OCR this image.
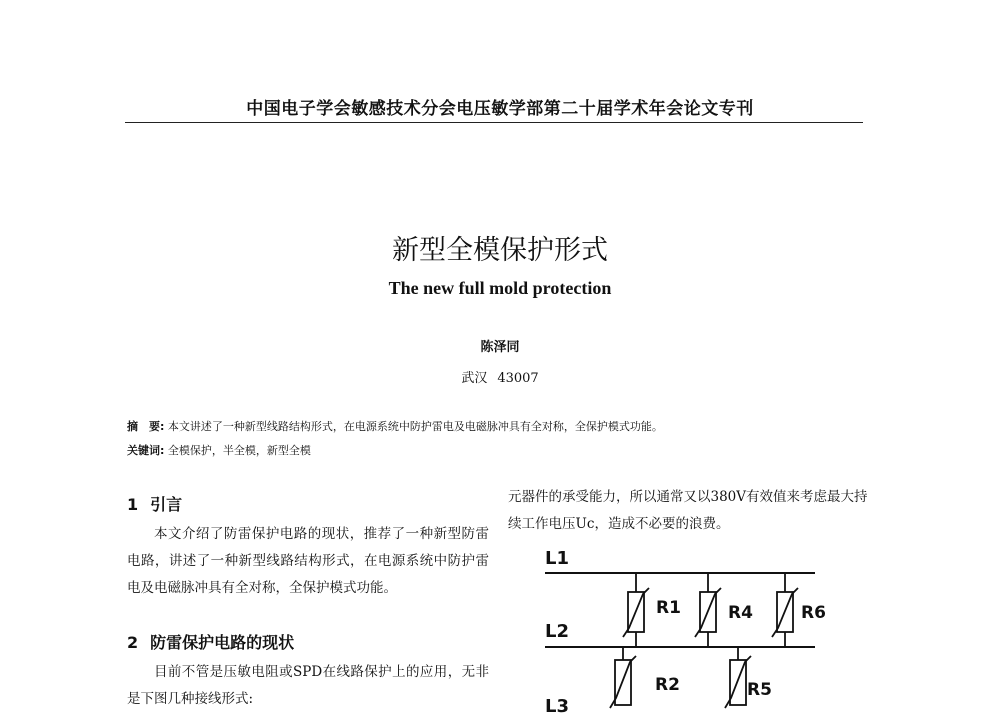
中国电子学会敏感技术分会电压敏学部第二十届学术年会论文专刊
新型全模保护形式
The new full mold protection
陈泽同
武汉 43007
摘　要: 本文讲述了一种新型线路结构形式，在电源系统中防护雷电及电磁脉冲具有全对称，全保护模式功能。
关键词: 全模保护，半全模，新型全模
1 引言
本文介绍了防雷保护电路的现状，推荐了一种新型防雷电路，讲述了一种新型线路结构形式，在电源系统中防护雷电及电磁脉冲具有全对称，全保护模式功能。
2 防雷保护电路的现状
目前不管是压敏电阻或SPD在线路保护上的应用，无非是下图几种接线形式:
元器件的承受能力，所以通常又以380V有效值来考虑最大持续工作电压Uc，造成不必要的浪费。
L1
L2
L3
R1
R2
R4
R5
R6
